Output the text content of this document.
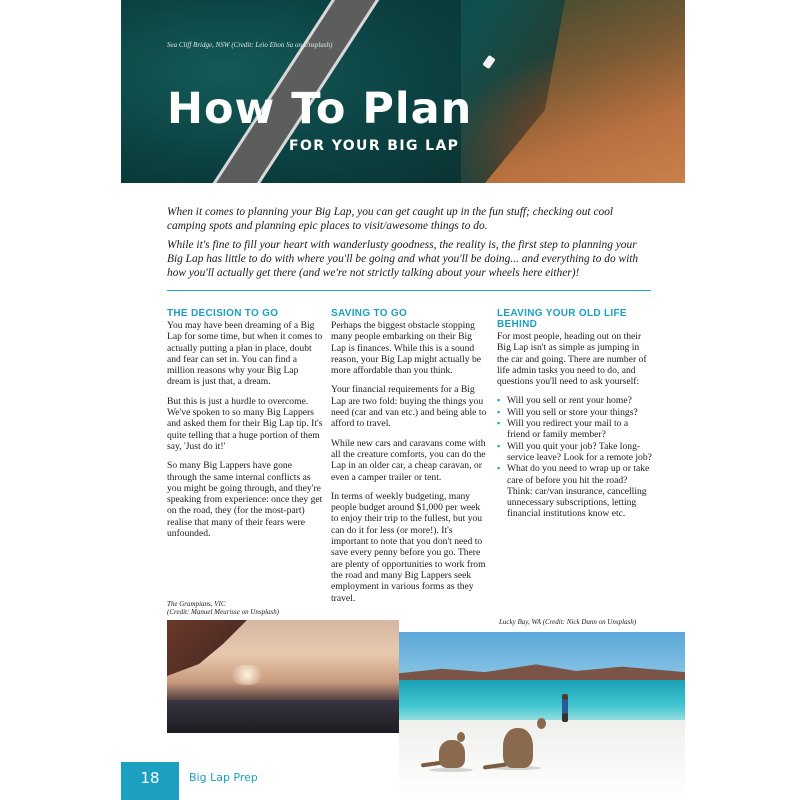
Sea Cliff Bridge, NSW (Credit: Leio Ehon Sa on Unsplash)
How To Plan
FOR YOUR BIG LAP

When it comes to planning your Big Lap, you can get caught up in the fun stuff; checking out cool camping spots and planning epic places to visit/awesome things to do.

While it's fine to fill your heart with wanderlusty goodness, the reality is, the first step to planning your Big Lap has little to do with where you'll be going and what you'll be doing... and everything to do with how you'll actually get there (and we're not strictly talking about your wheels here either)!

THE DECISION TO GO

You may have been dreaming of a Big Lap for some time, but when it comes to actually putting a plan in place, doubt and fear can set in. You can find a million reasons why your Big Lap dream is just that, a dream.

But this is just a hurdle to overcome. We've spoken to so many Big Lappers and asked them for their Big Lap tip. It's quite telling that a huge portion of them say, 'Just do it!'

So many Big Lappers have gone through the same internal conflicts as you might be going through, and they're speaking from experience: once they get on the road, they (for the most-part) realise that many of their fears were unfounded.

SAVING TO GO

Perhaps the biggest obstacle stopping many people embarking on their Big Lap is finances. While this is a sound reason, your Big Lap might actually be more affordable than you think.

Your financial requirements for a Big Lap are two fold: buying the things you need (car and van etc.) and being able to afford to travel.

While new cars and caravans come with all the creature comforts, you can do the Lap in an older car, a cheap caravan, or even a camper trailer or tent.

In terms of weekly budgeting, many people budget around $1,000 per week to enjoy their trip to the fullest, but you can do it for less (or more!). It's important to note that you don't need to save every penny before you go. There are plenty of opportunities to work from the road and many Big Lappers seek employment in various forms as they travel.

LEAVING YOUR OLD LIFE BEHIND

For most people, heading out on their Big Lap isn't as simple as jumping in the car and going. There are number of life admin tasks you need to do, and questions you'll need to ask yourself:

▪ Will you sell or rent your home?
▪ Will you sell or store your things?
▪ Will you redirect your mail to a friend or family member?
▪ Will you quit your job? Take long-service leave? Look for a remote job?
▪ What do you need to wrap up or take care of before you hit the road? Think: car/van insurance, cancelling unnecessary subscriptions, letting financial institutions know etc.
The Grampians, VIC
(Credit: Manuel Meurisse on Unsplash)
Lucky Bay, WA (Credit: Nick Dunn on Unsplash)
18	Big Lap Prep
